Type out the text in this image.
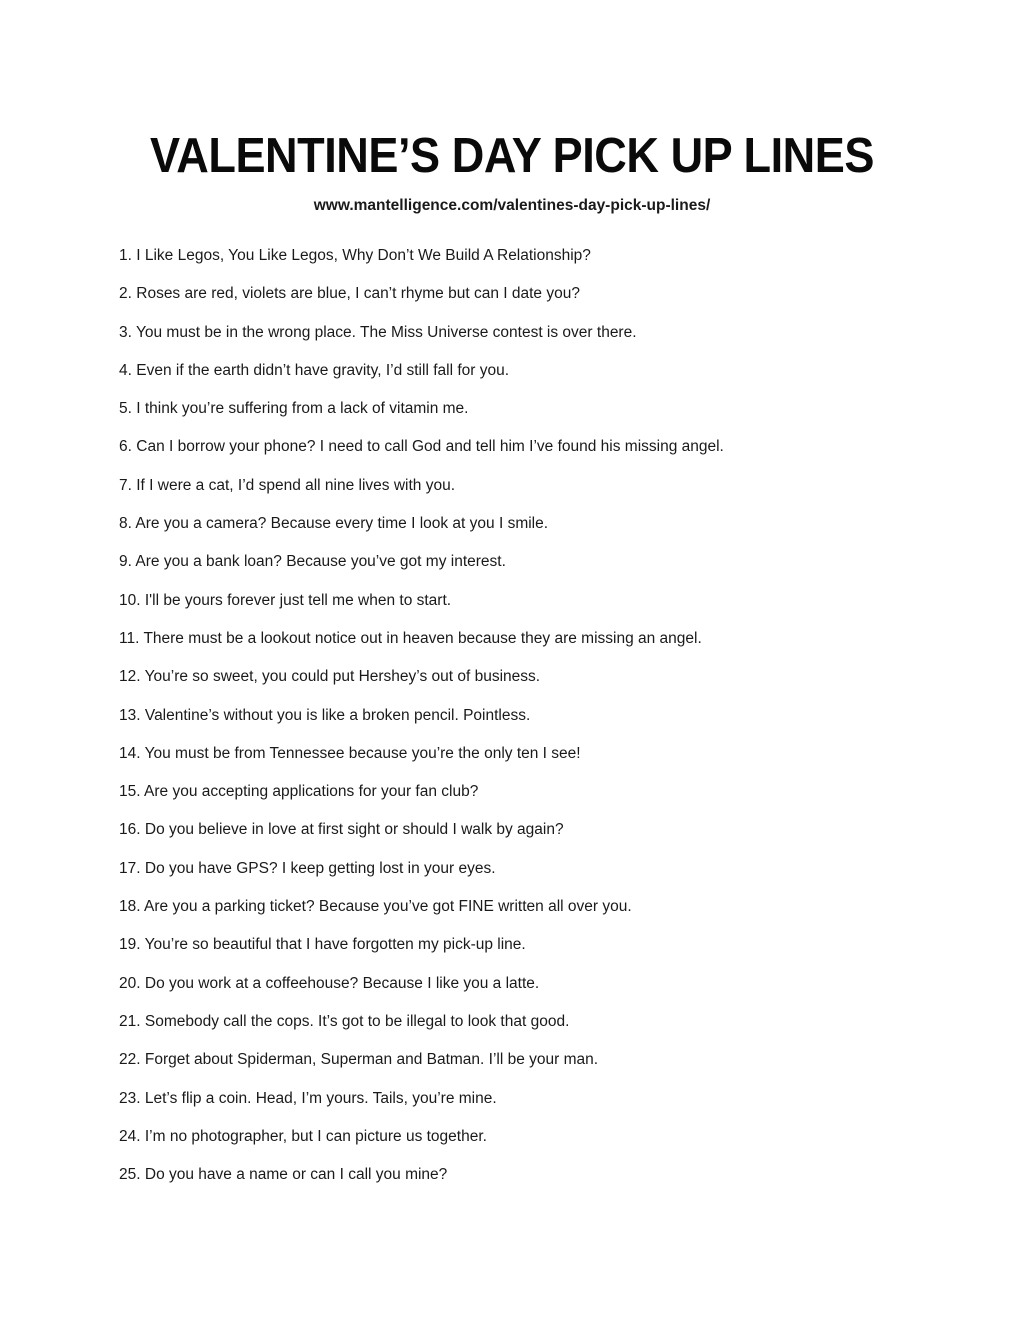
VALENTINE’S DAY PICK UP LINES
www.mantelligence.com/valentines-day-pick-up-lines/
1. I Like Legos, You Like Legos, Why Don’t We Build A Relationship?
2. Roses are red, violets are blue, I can’t rhyme but can I date you?
3. You must be in the wrong place. The Miss Universe contest is over there.
4. Even if the earth didn’t have gravity, I’d still fall for you.
5. I think you’re suffering from a lack of vitamin me.
6. Can I borrow your phone? I need to call God and tell him I’ve found his missing angel.
7. If I were a cat, I’d spend all nine lives with you.
8. Are you a camera? Because every time I look at you I smile.
9. Are you a bank loan? Because you’ve got my interest.
10. I'll be yours forever just tell me when to start.
11. There must be a lookout notice out in heaven because they are missing an angel.
12. You’re so sweet, you could put Hershey’s out of business.
13. Valentine’s without you is like a broken pencil. Pointless.
14. You must be from Tennessee because you’re the only ten I see!
15. Are you accepting applications for your fan club?
16. Do you believe in love at first sight or should I walk by again?
17. Do you have GPS? I keep getting lost in your eyes.
18. Are you a parking ticket? Because you’ve got FINE written all over you.
19. You’re so beautiful that I have forgotten my pick-up line.
20. Do you work at a coffeehouse? Because I like you a latte.
21. Somebody call the cops. It’s got to be illegal to look that good.
22. Forget about Spiderman, Superman and Batman. I’ll be your man.
23. Let’s flip a coin. Head, I’m yours. Tails, you’re mine.
24. I’m no photographer, but I can picture us together.
25. Do you have a name or can I call you mine?
